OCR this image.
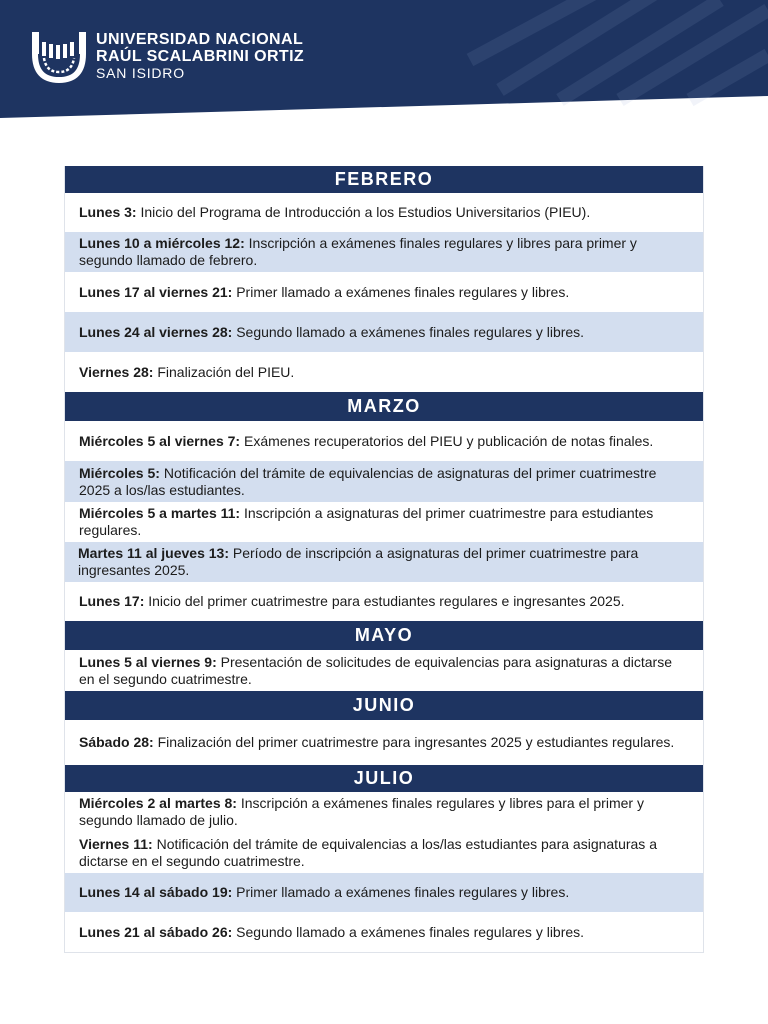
UNIVERSIDAD NACIONAL
RAÚL SCALABRINI ORTIZ
SAN ISIDRO
FEBRERO
Lunes 3: Inicio del Programa de Introducción a los Estudios Universitarios (PIEU).
Lunes 10 a miércoles 12: Inscripción a exámenes finales regulares y libres para primer y segundo llamado de febrero.
Lunes 17 al viernes 21: Primer llamado a exámenes finales regulares y libres.
Lunes 24 al viernes 28: Segundo llamado a exámenes finales regulares y libres.
Viernes 28: Finalización del PIEU.
MARZO
Miércoles 5 al viernes 7: Exámenes recuperatorios del PIEU y publicación de notas finales.
Miércoles 5: Notificación del trámite de equivalencias de asignaturas del primer cuatrimestre 2025 a los/las estudiantes.
Miércoles 5 a martes 11: Inscripción a asignaturas del primer cuatrimestre para estudiantes regulares.
Martes 11 al jueves 13: Período de inscripción a asignaturas del primer cuatrimestre para ingresantes 2025.
Lunes 17: Inicio del primer cuatrimestre para estudiantes regulares e ingresantes 2025.
MAYO
Lunes 5 al viernes 9: Presentación de solicitudes de equivalencias para asignaturas a dictarse en el segundo cuatrimestre.
JUNIO
Sábado 28: Finalización del primer cuatrimestre para ingresantes 2025 y estudiantes regulares.
JULIO
Miércoles 2 al martes 8: Inscripción a exámenes finales regulares y libres para el primer y segundo llamado de julio.
Viernes 11: Notificación del trámite de equivalencias a los/las estudiantes para asignaturas a dictarse en el segundo cuatrimestre.
Lunes 14 al sábado 19: Primer llamado a exámenes finales regulares y libres.
Lunes 21 al sábado 26: Segundo llamado a exámenes finales regulares y libres.
